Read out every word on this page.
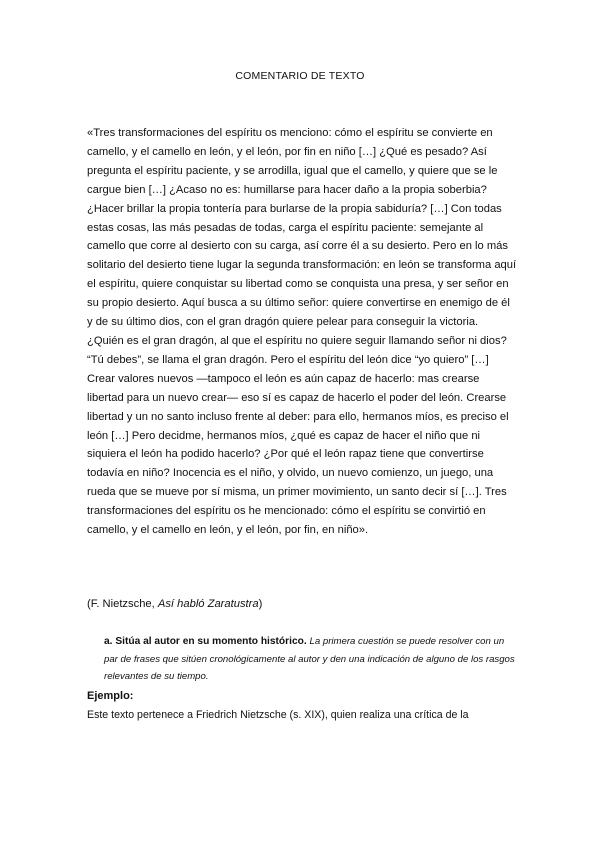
COMENTARIO DE TEXTO

«Tres transformaciones del espíritu os menciono: cómo el espíritu se convierte en camello, y el camello en león, y el león, por fin en niño […] ¿Qué es pesado? Así pregunta el espíritu paciente, y se arrodilla, igual que el camello, y quiere que se le cargue bien […] ¿Acaso no es: humillarse para hacer daño a la propia soberbia? ¿Hacer brillar la propia tontería para burlarse de la propia sabiduría? […] Con todas estas cosas, las más pesadas de todas, carga el espíritu paciente: semejante al camello que corre al desierto con su carga, así corre él a su desierto. Pero en lo más solitario del desierto tiene lugar la segunda transformación: en león se transforma aquí el espíritu, quiere conquistar su libertad como se conquista una presa, y ser señor en su propio desierto. Aquí busca a su último señor: quiere convertirse en enemigo de él y de su último dios, con el gran dragón quiere pelear para conseguir la victoria. ¿Quién es el gran dragón, al que el espíritu no quiere seguir llamando señor ni dios? “Tú debes”, se llama el gran dragón. Pero el espíritu del león dice “yo quiero” […] Crear valores nuevos —tampoco el león es aún capaz de hacerlo: mas crearse libertad para un nuevo crear— eso sí es capaz de hacerlo el poder del león. Crearse libertad y un no santo incluso frente al deber: para ello, hermanos míos, es preciso el león […] Pero decidme, hermanos míos, ¿qué es capaz de hacer el niño que ni siquiera el león ha podido hacerlo? ¿Por qué el león rapaz tiene que convertirse todavía en niño? Inocencia es el niño, y olvido, un nuevo comienzo, un juego, una rueda que se mueve por sí misma, un primer movimiento, un santo decir sí […]. Tres transformaciones del espíritu os he mencionado: cómo el espíritu se convirtió en camello, y el camello en león, y el león, por fin, en niño».

(F. Nietzsche, Así habló Zaratustra)
a. Sitúa al autor en su momento histórico. La primera cuestión se puede resolver con un par de frases que sitúen cronológicamente al autor y den una indicación de alguno de los rasgos relevantes de su tiempo.
Ejemplo:
Este texto pertenece a Friedrich Nietzsche (s. XIX), quien realiza una crítica de la
